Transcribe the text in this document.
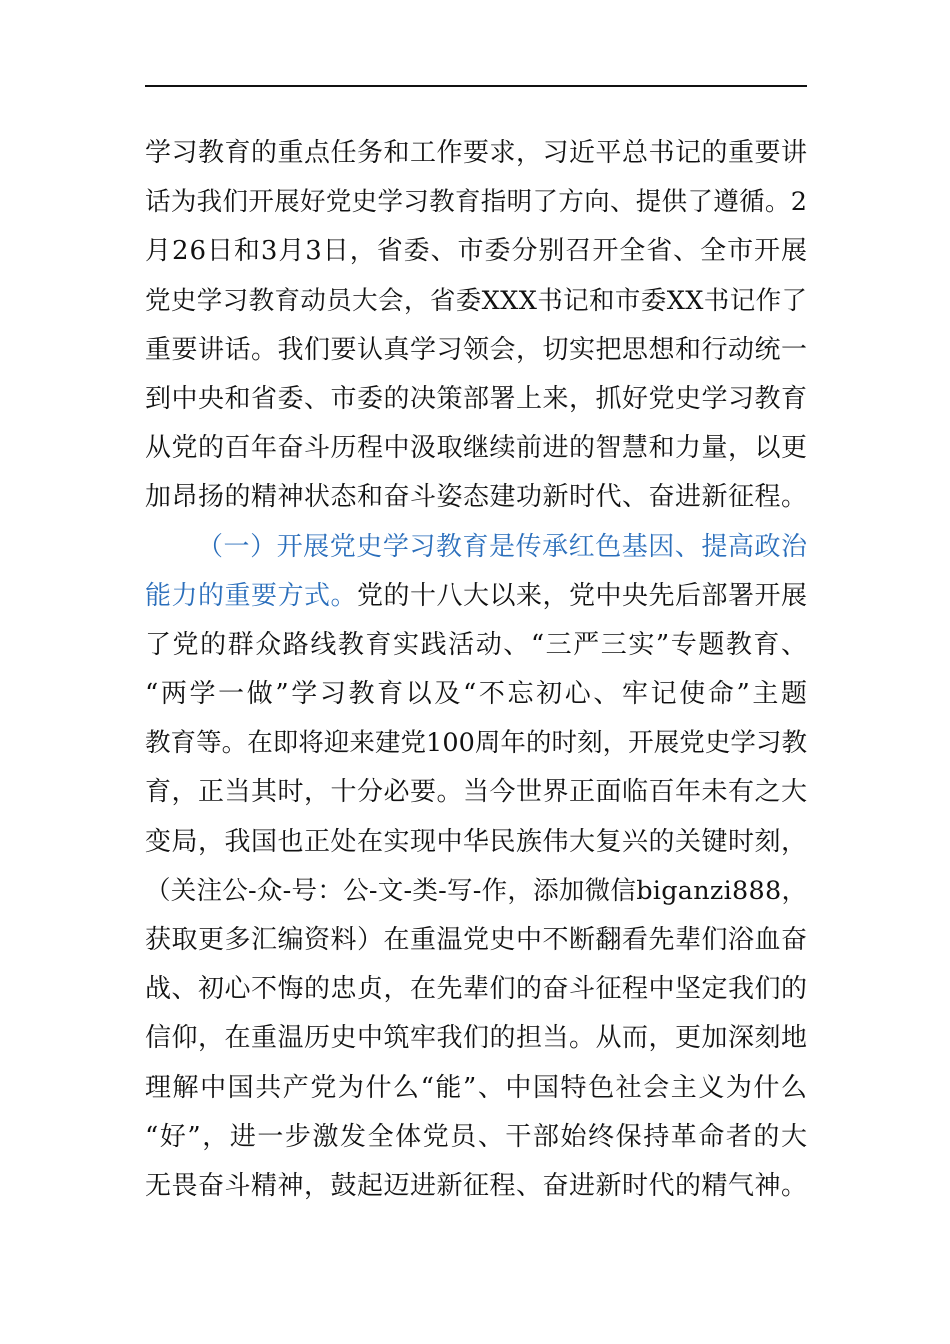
学习教育的重点任务和工作要求，习近平总书记的重要讲
话为我们开展好党史学习教育指明了方向、提供了遵循。2
月26日和3月3日，省委、市委分别召开全省、全市开展
党史学习教育动员大会，省委XXX书记和市委XX书记作了
重要讲话。我们要认真学习领会，切实把思想和行动统一
到中央和省委、市委的决策部署上来，抓好党史学习教育
从党的百年奋斗历程中汲取继续前进的智慧和力量，以更
加昂扬的精神状态和奋斗姿态建功新时代、奋进新征程。
（一）开展党史学习教育是传承红色基因、提高政治
能力的重要方式。党的十八大以来，党中央先后部署开展
了党的群众路线教育实践活动、“三严三实”专题教育、
“两学一做”学习教育以及“不忘初心、牢记使命”主题
教育等。在即将迎来建党100周年的时刻，开展党史学习教
育，正当其时，十分必要。当今世界正面临百年未有之大
变局，我国也正处在实现中华民族伟大复兴的关键时刻，
（关注公-众-号：公-文-类-写-作，添加微信biganzi888，
获取更多汇编资料）在重温党史中不断翻看先辈们浴血奋
战、初心不悔的忠贞，在先辈们的奋斗征程中坚定我们的
信仰，在重温历史中筑牢我们的担当。从而，更加深刻地
理解中国共产党为什么“能”、中国特色社会主义为什么
“好”，进一步激发全体党员、干部始终保持革命者的大
无畏奋斗精神，鼓起迈进新征程、奋进新时代的精气神。
